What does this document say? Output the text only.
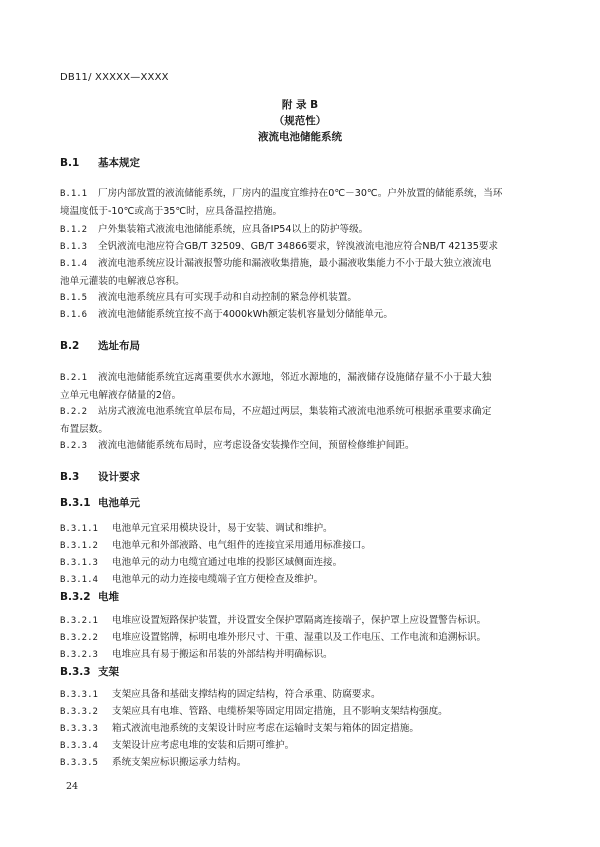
DB11/ XXXXX—XXXX
附 录 B
（规范性）
液流电池储能系统
B.1 基本规定
B.1.1 厂房内部放置的液流储能系统，厂房内的温度宜维持在0℃－30℃。户外放置的储能系统，当环
境温度低于-10℃或高于35℃时，应具备温控措施。
B.1.2 户外集装箱式液流电池储能系统，应具备IP54以上的防护等级。
B.1.3 全钒液流电池应符合GB/T 32509、GB/T 34866要求，锌溴液流电池应符合NB/T 42135要求
B.1.4 液流电池系统应设计漏液报警功能和漏液收集措施，最小漏液收集能力不小于最大独立液流电
池单元灌装的电解液总容积。
B.1.5 液流电池系统应具有可实现手动和自动控制的紧急停机装置。
B.1.6 液流电池储能系统宜按不高于4000kWh额定装机容量划分储能单元。
B.2 选址布局
B.2.1 液流电池储能系统宜远离重要供水水源地，邻近水源地的，漏液储存设施储存量不小于最大独
立单元电解液存储量的2倍。
B.2.2 站房式液流电池系统宜单层布局，不应超过两层，集装箱式液流电池系统可根据承重要求确定
布置层数。
B.2.3 液流电池储能系统布局时，应考虑设备安装操作空间，预留检修维护间距。
B.3 设计要求
B.3.1 电池单元
B.3.1.1 电池单元宜采用模块设计，易于安装、调试和维护。
B.3.1.2 电池单元和外部液路、电气组件的连接宜采用通用标准接口。
B.3.1.3 电池单元的动力电缆宜通过电堆的投影区域侧面连接。
B.3.1.4 电池单元的动力连接电缆端子宜方便检查及维护。
B.3.2 电堆
B.3.2.1 电堆应设置短路保护装置，并设置安全保护罩隔离连接端子，保护罩上应设置警告标识。
B.3.2.2 电堆应设置铭牌，标明电堆外形尺寸、干重、湿重以及工作电压、工作电流和追溯标识。
B.3.2.3 电堆应具有易于搬运和吊装的外部结构并明确标识。
B.3.3 支架
B.3.3.1 支架应具备和基础支撑结构的固定结构，符合承重、防腐要求。
B.3.3.2 支架应具有电堆、管路、电缆桥架等固定用固定措施，且不影响支架结构强度。
B.3.3.3 箱式液流电池系统的支架设计时应考虑在运输时支架与箱体的固定措施。
B.3.3.4 支架设计应考虑电堆的安装和后期可维护。
B.3.3.5 系统支架应标识搬运承力结构。
24
